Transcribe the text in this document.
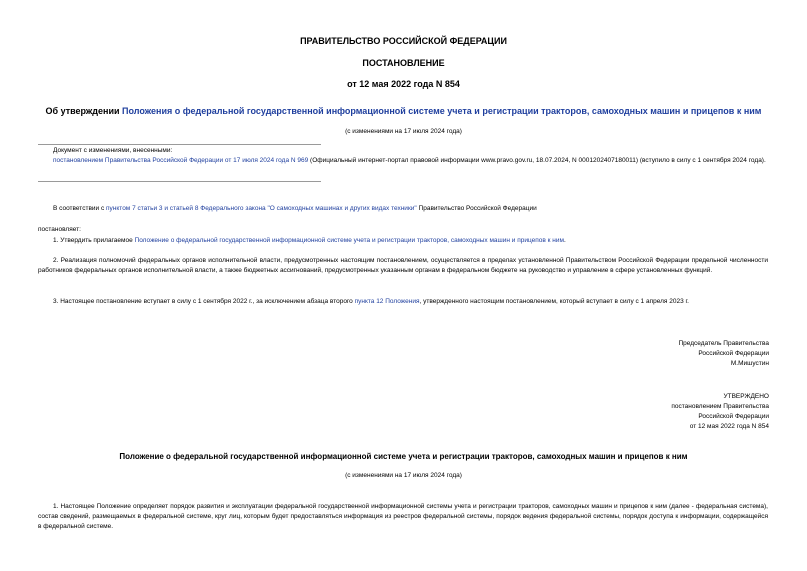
ПРАВИТЕЛЬСТВО РОССИЙСКОЙ ФЕДЕРАЦИИ
ПОСТАНОВЛЕНИЕ
от 12 мая 2022 года N 854
Об утверждении Положения о федеральной государственной информационной системе учета и регистрации тракторов, самоходных машин и прицепов к ним
(с изменениями на 17 июля 2024 года)
Документ с изменениями, внесенными:
постановлением Правительства Российской Федерации от 17 июля 2024 года N 969 (Официальный интернет-портал правовой информации www.pravo.gov.ru, 18.07.2024, N 0001202407180011) (вступило в силу с 1 сентября 2024 года).
В соответствии с пунктом 7 статьи 3 и статьей 8 Федерального закона "О самоходных машинах и других видах техники" Правительство Российской Федерации
постановляет:
1. Утвердить прилагаемое Положение о федеральной государственной информационной системе учета и регистрации тракторов, самоходных машин и прицепов к ним.
2. Реализация полномочий федеральных органов исполнительной власти, предусмотренных настоящим постановлением, осуществляется в пределах установленной Правительством Российской Федерации предельной численности работников федеральных органов исполнительной власти, а также бюджетных ассигнований, предусмотренных указанным органам в федеральном бюджете на руководство и управление в сфере установленных функций.
3. Настоящее постановление вступает в силу с 1 сентября 2022 г., за исключением абзаца второго пункта 12 Положения, утвержденного настоящим постановлением, который вступает в силу с 1 апреля 2023 г.
Председатель Правительства
Российской Федерации
М.Мишустин
УТВЕРЖДЕНО
постановлением Правительства
Российской Федерации
от 12 мая 2022 года N 854
Положение о федеральной государственной информационной системе учета и регистрации тракторов, самоходных машин и прицепов к ним
(с изменениями на 17 июля 2024 года)
1. Настоящее Положение определяет порядок развития и эксплуатации федеральной государственной информационной системы учета и регистрации тракторов, самоходных машин и прицепов к ним (далее - федеральная система), состав сведений, размещаемых в федеральной системе, круг лиц, которым будет предоставляться информация из реестров федеральной системы, порядок ведения федеральной системы, порядок доступа к информации, содержащейся в федеральной системе.
